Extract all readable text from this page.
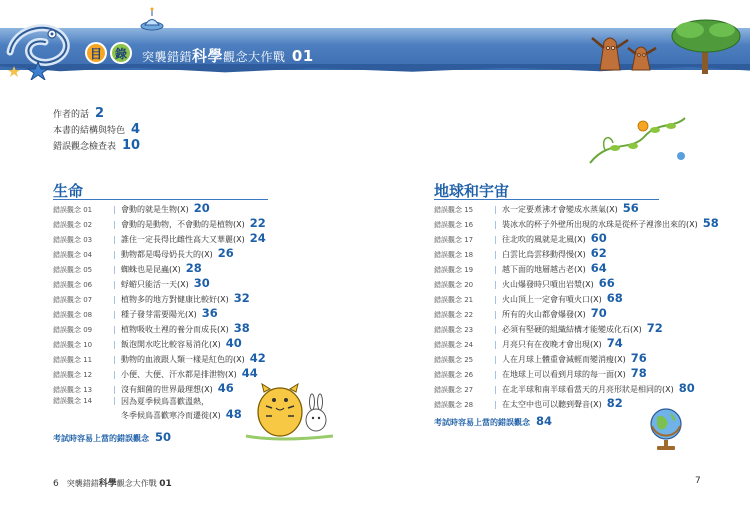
目	錄	突襲錯錯科學觀念大作戰 01
作者的話 2
本書的結構與特色 4
錯誤觀念檢查表 10
生命
錯誤觀念 01	| 會動的就是生物(X) 20
錯誤觀念 02	| 會動的是動物，不會動的是植物(X) 22
錯誤觀念 03	| 誰住一定長得比雌性高大又華麗(X) 24
錯誤觀念 04	| 動物都是喝母奶長大的(X) 26
錯誤觀念 05	| 蜘蛛也是昆蟲(X) 28
錯誤觀念 06	| 蜉蝣只能活一天(X) 30
錯誤觀念 07	| 植物多的地方對健康比較好(X) 32
錯誤觀念 08	| 種子發芽需要陽光(X) 36
錯誤觀念 09	| 植物吸收土裡的養分而成長(X) 38
錯誤觀念 10	| 飯泡開水吃比較容易消化(X) 40
錯誤觀念 11	| 動物的血液跟人類一樣是紅色的(X) 42
錯誤觀念 12	| 小便、大便、汗水都是排泄物(X) 44
錯誤觀念 13	| 沒有細菌的世界最理想(X) 46
錯誤觀念 14	| 因為夏季候鳥喜歡溫熱，
冬季候鳥喜歡寒冷而遷徙(X) 48
考試時容易上當的錯誤觀念 50
地球和宇宙
錯誤觀念 15	| 水一定要煮沸才會變成水蒸氣(X) 56
錯誤觀念 16	| 裝冰水的杯子外壁所出現的水珠是從杯子裡滲出來的(X) 58
錯誤觀念 17	| 往北吹的風就是北風(X) 60
錯誤觀念 18	| 白雲比烏雲移動得慢(X) 62
錯誤觀念 19	| 越下面的地層越古老(X) 64
錯誤觀念 20	| 火山爆發時只噴出岩漿(X) 66
錯誤觀念 21	| 火山頂上一定會有噴火口(X) 68
錯誤觀念 22	| 所有的火山都會爆發(X) 70
錯誤觀念 23	| 必須有堅硬的組織結構才能變成化石(X) 72
錯誤觀念 24	| 月亮只有在夜晚才會出現(X) 74
錯誤觀念 25	| 人在月球上體重會減輕而變消瘦(X) 76
錯誤觀念 26	| 在地球上可以看到月球的每一面(X) 78
錯誤觀念 27	| 在北半球和南半球看當天的月亮形狀是相同的(X) 80
錯誤觀念 28	| 在太空中也可以聽到聲音(X) 82
考試時容易上當的錯誤觀念 84
6 突襲錯錯科學觀念大作戰 01	7
